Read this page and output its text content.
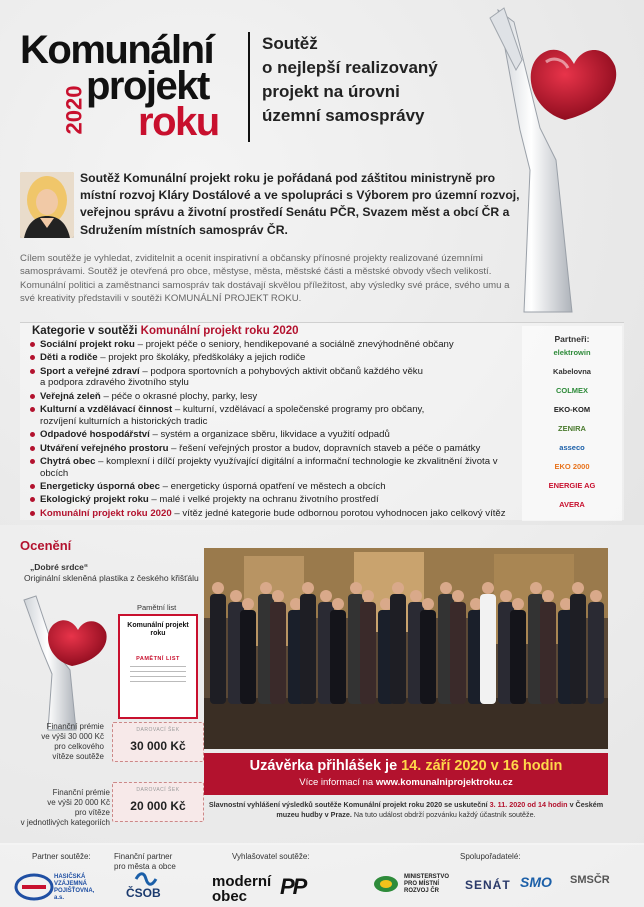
Komunální
2020 projekt
roku
Soutěž
o nejlepší realizovaný
projekt na úrovni
územní samosprávy
Soutěž Komunální projekt roku je pořádaná pod záštitou ministryně pro místní rozvoj Kláry Dostálové a ve spolupráci s Výborem pro územní rozvoj, veřejnou správu a životní prostředí Senátu PČR, Svazem měst a obcí ČR a Sdružením místních samospráv ČR.
Cílem soutěže je vyhledat, zviditelnit a ocenit inspirativní a občansky přínosné projekty realizované územními samosprávami. Soutěž je otevřená pro obce, městyse, města, městské části a městské obvody všech velikostí. Komunální politici a zaměstnanci samospráv tak dostávají skvělou příležitost, aby výsledky své práce, svého umu a své kreativity představili v soutěži KOMUNÁLNÍ PROJEKT ROKU.
Kategorie v soutěži Komunální projekt roku 2020
Sociální projekt roku – projekt péče o seniory, hendikepované a sociálně znevýhodněné občany
Děti a rodiče – projekt pro školáky, předškoláky a jejich rodiče
Sport a veřejné zdraví – podpora sportovních a pohybových aktivit občanů každého věku
a podpora zdravého životního stylu
Veřejná zeleň – péče o okrasné plochy, parky, lesy
Kulturní a vzdělávací činnost – kulturní, vzdělávací a společenské programy pro občany,
rozvíjení kulturních a historických tradic
Odpadové hospodářství – systém a organizace sběru, likvidace a využití odpadů
Utváření veřejného prostoru – řešení veřejných prostor a budov, dopravních staveb a péče o památky
Chytrá obec – komplexní i dílčí projekty využívající digitální a informační technologie ke zkvalitnění života v obcích
Energeticky úsporná obec – energeticky úsporná opatření ve městech a obcích
Ekologický projekt roku – malé i velké projekty na ochranu životního prostředí
Komunální projekt roku 2020 – vítěz jedné kategorie bude odbornou porotou vyhodnocen jako celkový vítěz
Partneři:
elektrowin
Kabelovna
COLMEX
EKO-KOM
ZENIRA
asseco
EKO 2000
ENERGIE AG
AVERA
Ocenění
„Dobré srdce“
Originální skleněná plastika z českého křišťálu
Pamětní list
Komunální projekt roku
PAMĚTNÍ LIST
Finanční prémie
ve výši 30 000 Kč
pro celkového
vítěze soutěže
DAROVACÍ ŠEK
30 000 Kč
Finanční prémie
ve výši 20 000 Kč
pro vítěze
v jednotlivých kategoriích
DAROVACÍ ŠEK
20 000 Kč
Uzávěrka přihlášek je 14. září 2020 v 16 hodin
Více informací na www.komunalniprojektroku.cz
Slavnostní vyhlášení výsledků soutěže Komunální projekt roku 2020 se uskuteční 3. 11. 2020 od 14 hodin v Českém muzeu hudby v Praze. Na tuto událost obdrží pozvánku každý účastník soutěže.
Partner soutěže:
HASIČSKÁ VZÁJEMNÁ POJIŠŤOVNA, a.s.
Finanční partner
pro města a obce
ČSOB
Vyhlašovatel soutěže:
moderní obec	PP
Spolupořadatelé:
MINISTERSTVO PRO MÍSTNÍ ROZVOJ ČR	SENÁT SMO SMSČR
